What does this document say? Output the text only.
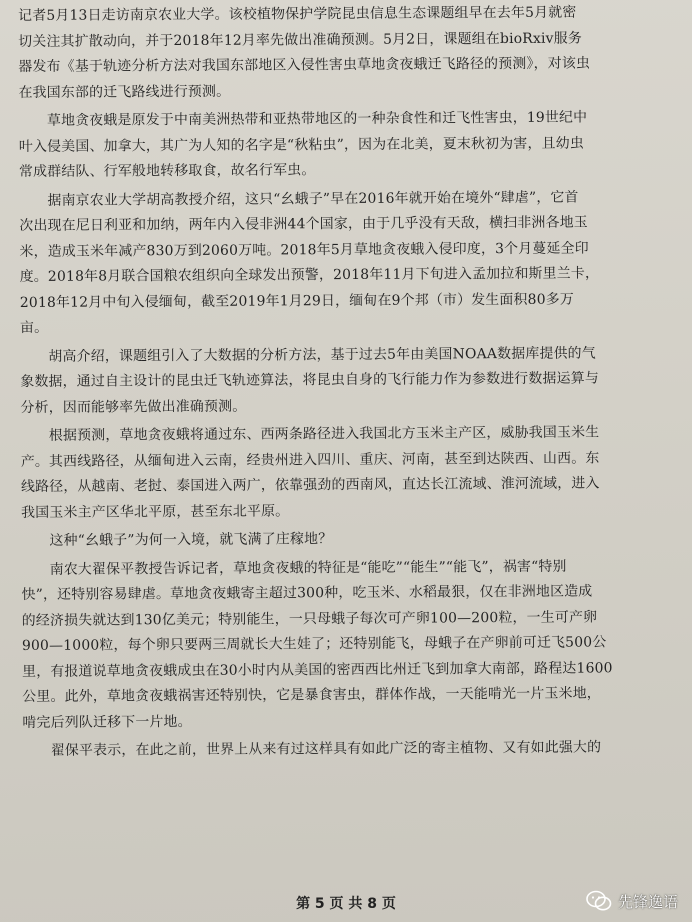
记者5月13日走访南京农业大学。该校植物保护学院昆虫信息生态课题组早在去年5月就密
切关注其扩散动向，并于2018年12月率先做出准确预测。5月2日，课题组在bioRxiv服务
器发布《基于轨迹分析方法对我国东部地区入侵性害虫草地贪夜蛾迁飞路径的预测》，对该虫
在我国东部的迁飞路线进行预测。
　　草地贪夜蛾是原发于中南美洲热带和亚热带地区的一种杂食性和迁飞性害虫，19世纪中
叶入侵美国、加拿大，其广为人知的名字是“秋粘虫”，因为在北美，夏末秋初为害，且幼虫
常成群结队、行军般地转移取食，故名行军虫。
　　据南京农业大学胡高教授介绍，这只“幺蛾子”早在2016年就开始在境外“肆虐”，它首
次出现在尼日利亚和加纳，两年内入侵非洲44个国家，由于几乎没有天敌，横扫非洲各地玉
米，造成玉米年减产830万到2060万吨。2018年5月草地贪夜蛾入侵印度，3个月蔓延全印
度。2018年8月联合国粮农组织向全球发出预警，2018年11月下旬进入孟加拉和斯里兰卡，
2018年12月中旬入侵缅甸，截至2019年1月29日，缅甸在9个邦（市）发生面积80多万
亩。
　　胡高介绍，课题组引入了大数据的分析方法，基于过去5年由美国NOAA数据库提供的气
象数据，通过自主设计的昆虫迁飞轨迹算法，将昆虫自身的飞行能力作为参数进行数据运算与
分析，因而能够率先做出准确预测。
　　根据预测，草地贪夜蛾将通过东、西两条路径进入我国北方玉米主产区，威胁我国玉米生
产。其西线路径，从缅甸进入云南，经贵州进入四川、重庆、河南，甚至到达陕西、山西。东
线路径，从越南、老挝、泰国进入两广，依靠强劲的西南风，直达长江流域、淮河流域，进入
我国玉米主产区华北平原，甚至东北平原。
　　这种“幺蛾子”为何一入境，就飞满了庄稼地？
　　南农大翟保平教授告诉记者，草地贪夜蛾的特征是“能吃”“能生”“能飞”，祸害“特别
快”，还特别容易肆虐。草地贪夜蛾寄主超过300种，吃玉米、水稻最狠，仅在非洲地区造成
的经济损失就达到130亿美元；特别能生，一只母蛾子每次可产卵100—200粒，一生可产卵
900—1000粒，每个卵只要两三周就长大生娃了；还特别能飞，母蛾子在产卵前可迁飞500公
里，有报道说草地贪夜蛾成虫在30小时内从美国的密西西比州迁飞到加拿大南部，路程达1600
公里。此外，草地贪夜蛾祸害还特别快，它是暴食害虫，群体作战，一天能啃光一片玉米地，
啃完后列队迁移下一片地。
　　翟保平表示，在此之前，世界上从来有过这样具有如此广泛的寄主植物、又有如此强大的
第 5 页 共 8 页	先锋逸语
